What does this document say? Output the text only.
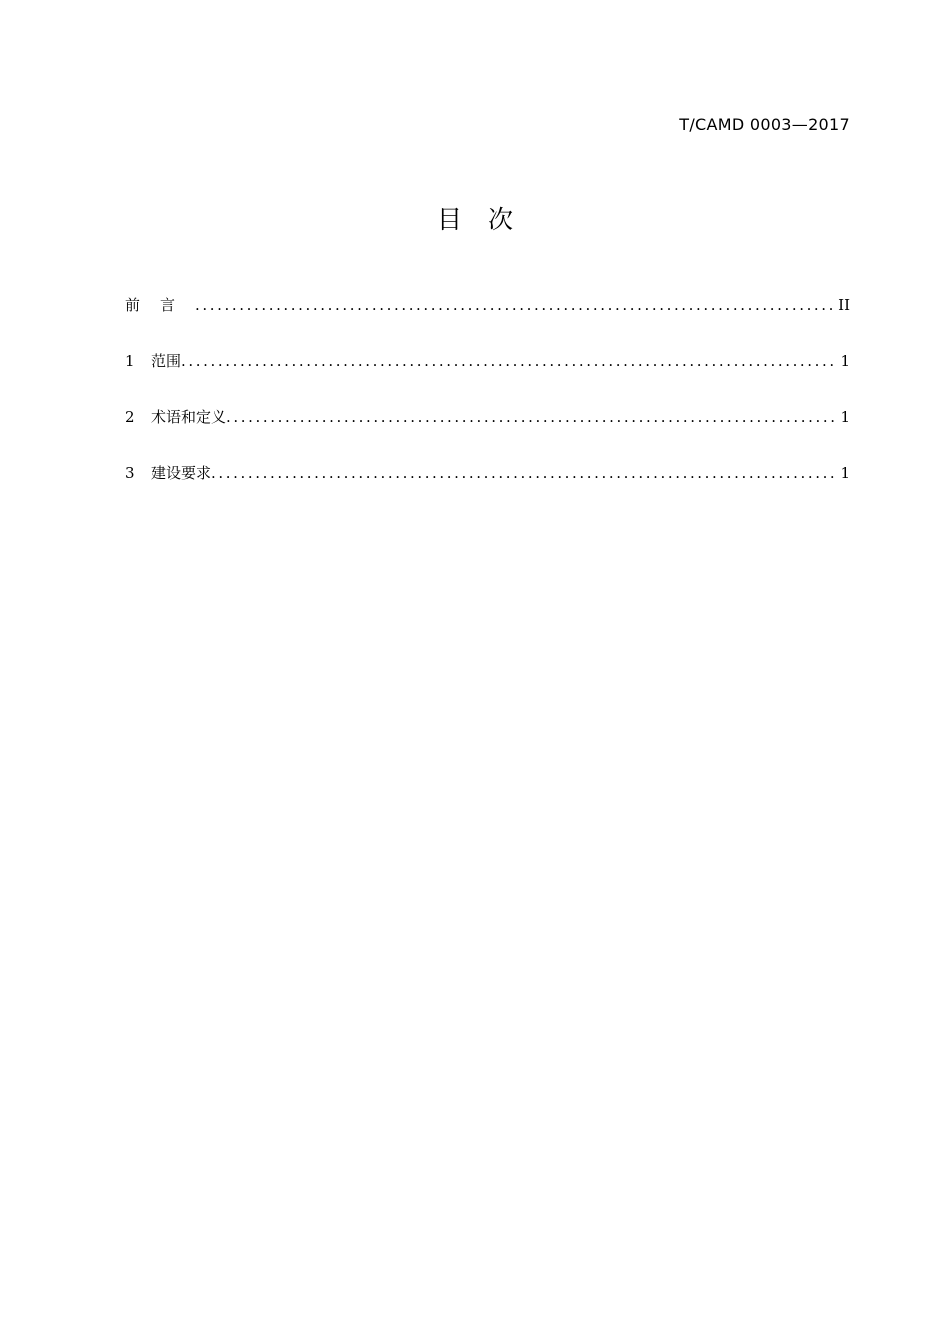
T/CAMD 0003—2017
目次
前言 .....	II
1	范围 .....	1
2	术语和定义 .....	1
3	建设要求 .....	1
